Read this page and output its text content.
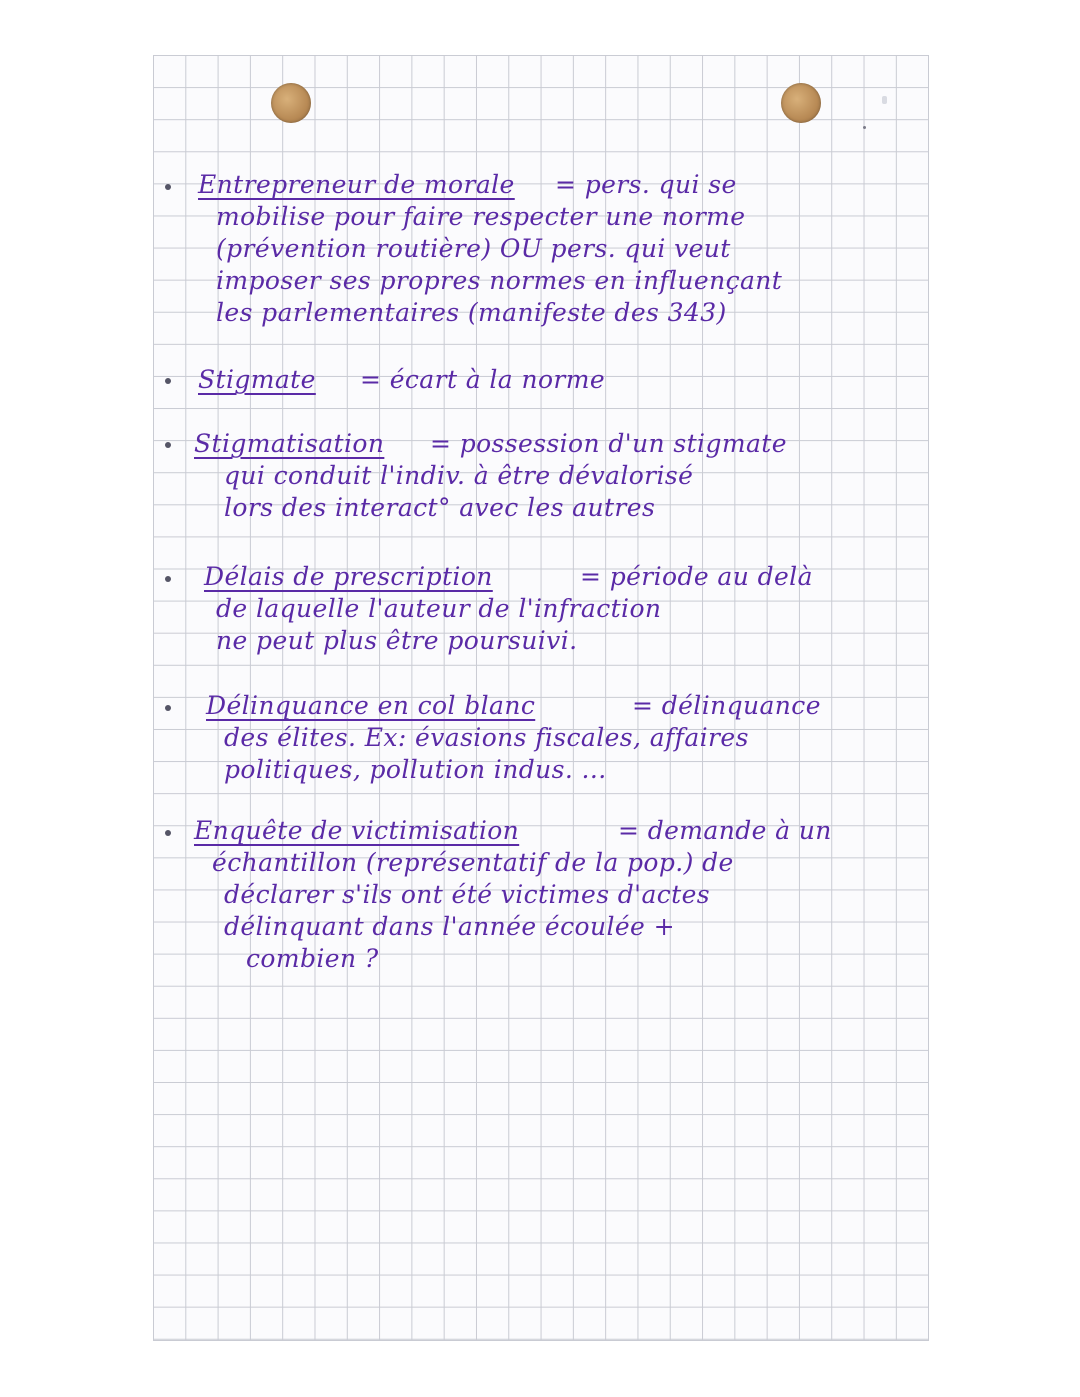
Entrepreneur de morale = pers. qui se
mobilise pour faire respecter une norme
(prévention routière) OU pers. qui veut
imposer ses propres normes en influençant
les parlementaires (manifeste des 343)
Stigmate = écart à la norme
Stigmatisation = possession d'un stigmate
qui conduit l'indiv. à être dévalorisé
lors des interact° avec les autres
Délais de prescription	= période au delà
de laquelle l'auteur de l'infraction
ne peut plus être poursuivi.
Délinquance en col blanc	= délinquance
des élites. Ex: évasions fiscales, affaires
politiques, pollution indus. ...
Enquête de victimisation	= demande à un
échantillon (représentatif de la pop.) de
déclarer s'ils ont été victimes d'actes
délinquant dans l'année écoulée +
combien ?
